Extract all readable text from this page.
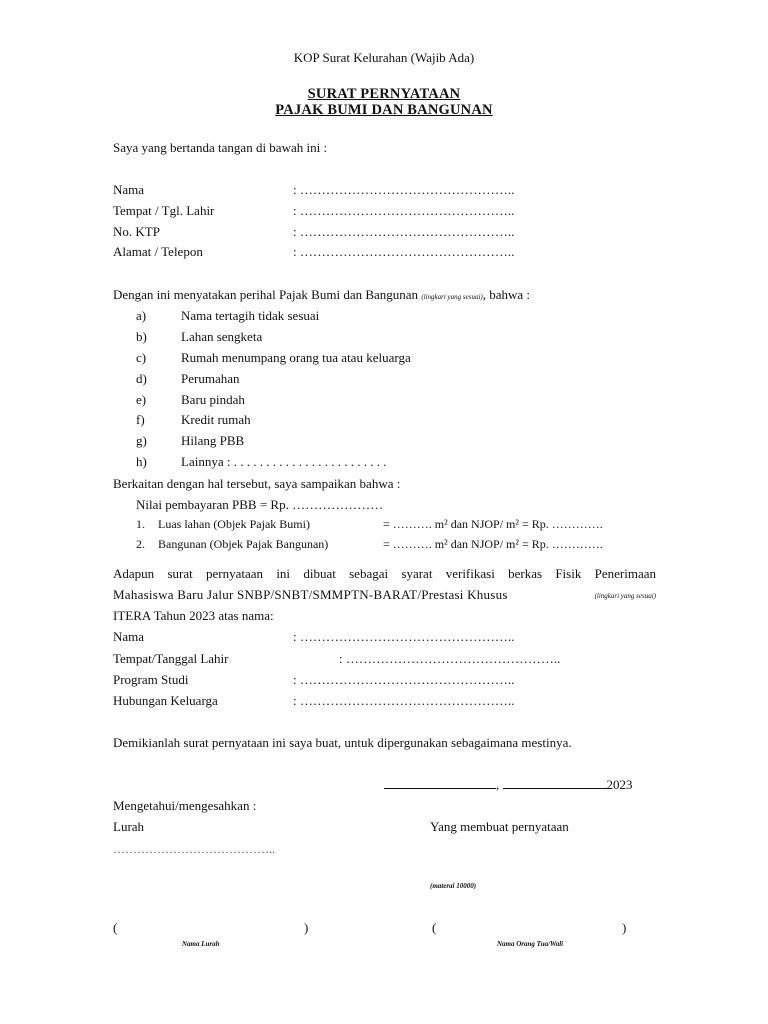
KOP Surat Kelurahan (Wajib Ada)
SURAT PERNYATAAN
PAJAK BUMI DAN BANGUNAN
Saya yang bertanda tangan di bawah ini :
Nama	: …………………………………………..
Tempat / Tgl. Lahir	: …………………………………………..
No. KTP	: …………………………………………..
Alamat / Telepon	: …………………………………………..
Dengan ini menyatakan perihal Pajak Bumi dan Bangunan (lingkari yang sesuai), bahwa :
a)	Nama tertagih tidak sesuai
b)	Lahan sengketa
c)	Rumah menumpang orang tua atau keluarga
d)	Perumahan
e)	Baru pindah
f)	Kredit rumah
g)	Hilang PBB
h)	Lainnya : . . . . . . . . . . . . . . . . . . . . . . . .
Berkaitan dengan hal tersebut, saya sampaikan bahwa :
Nilai pembayaran PBB = Rp. …………………
1. Luas lahan (Objek Pajak Bumi)	= ………. m² dan NJOP/ m² = Rp. ………….
2. Bangunan (Objek Pajak Bangunan)	= ………. m² dan NJOP/ m² = Rp. ………….
Adapun surat pernyataan ini dibuat sebagai syarat verifikasi berkas Fisik Penerimaan
Mahasiswa Baru Jalur SNBP/SNBT/SMMPTN-BARAT/Prestasi Khusus	(lingkari yang sesuai)
ITERA Tahun 2023 atas nama:
Nama	: …………………………………………..
Tempat/Tanggal Lahir	: …………………………………………..
Program Studi	: …………………………………………..
Hubungan Keluarga	: …………………………………………..
Demikianlah surat pernyataan ini saya buat, untuk dipergunakan sebagaimana mestinya.
,	2023
Mengetahui/mengesahkan :
Lurah	Yang membuat pernyataan
…………………………………..
(materai 10000)
(	)	(	)
Nama Lurah	Nama Orang Tua/Wali
